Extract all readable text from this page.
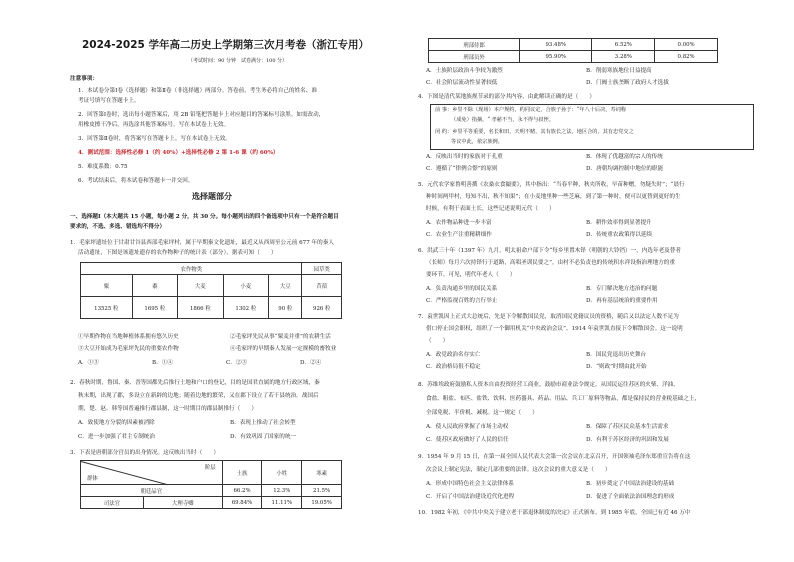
2024-2025 学年高二历史上学期第三次月考卷（浙江专用）
（考试时间：90 分钟　试卷满分：100 分）
注意事项：
1．本试卷分第Ⅰ卷（选择题）和第Ⅱ卷（非选择题）两部分。答卷前，考生务必将自己的姓名、准
考证号填写在答题卡上。
2．回答第Ⅰ卷时，选出每小题答案后，用 2B 铅笔把答题卡上对应题目的答案标号涂黑。如需改动，
用橡皮擦干净后，再选涂其他答案标号。写在本试卷上无效。
3．回答第Ⅱ卷时，将答案写在答题卡上。写在本试卷上无效。
4．测试范围：选择性必修 1（约 40%）+选择性必修 2 第 1-6 课（约 60%）
5．难度系数：0.75
6．考试结束后，将本试卷和答题卡一并交回。
选择题部分
一、选择题Ⅰ（本大题共 15 小题，每小题 2 分，共 30 分。每小题列出的四个备选项中只有一个是符合题目
要求的，不选、多选、错选均不得分）
1．毛家坪遗址位于甘肃甘谷县西部毛家坪村，属于早期秦文化遗址，最近又从西周至公元前 677 年的秦人
活动遗址，下图是该遗址遗存的农作物种子的统计表（部分），据表可知（　　）
农作物类					园草类
粟	黍	大麦	小麦	大豆	苜蓿
13525 粒	1695 粒	1866 粒	1302 粒	90 粒	926 粒
①早期作物在当地种植体系拥有悠久历史	②毛家坪先民从事“粟麦并重”的农耕生活
③大豆开始成为毛家坪先民的重要农作物	④毛家坪的早期秦人发展一定规模的畜牧业
A．①③	B．①④	C．②③	D．②④
2．春秋时期，鲁国、秦、晋等国都先后推行土地和户口的登记，目的是国君直属的地方行政区域，秦
秋末期，出现了郡，多设立在新辟的边地；随着边地的繁荣，又在郡下设立了若干县统治。战国后
期，楚、赵、韩等国普遍推行郡县制，这一时期目的郡县制推行（　　）
A．致使地方分裂的因素被消除	B．表现上推动了社会转型
C．进一步加强了君主专制统治	D．有效巩固了国家的统一
3．下表是唐朝部分宫员的出身情况。这反映出当时（　　）
阶层
群体		士族	小姓	寒素
朝廷品官		66.2%	12.3%	21.5%
司法官	大理寺卿	69.84%	11.11%	19.05%
刑部侍郎	93.48%	6.52%	0.00%
刑部员外	95.90%	3.28%	0.82%
A．士族阶层政治斗争较为激烈	B．削弱寒族地位日益提高
C．社会阶层流动性显著较低	D．门阀士族垄断了政府人才选拔
4．下图是清代某地族规节录的部分其内容，由此解读正确的是（　　）
前 事：乡里不除（现场）本户规约，约同议定，合族子孙于：“年八十后决，寿词称
（成免）指摘，“ 孝慈不当，永不得与叔侄。
闭 约：乡里平等重要，名长和田，天明不赌，其有族长之法，地区合的，其有忠党交之
等议中此，依宗族例。
A．反映出当时的家族对于孔重	B．体现了优越富的宗人的传统
C．遵循了“律例合憬”的原则	D．唐朝均调控制中地位的职能
5．元代农学家鲁明善撰《农桑衣食撮要》，其中指出：“当春平种，秋夹所收，早苗种赠，勿疑失时”；“晨行
种时间两甲村，每知不出，秋不知果”；在小麦地里种一些芝麻，到了第一种时，便可以更替到更好的生
时候，有利于表面土长，这些记述说明元代（　　）
A．农作物品种进一步丰富	B．耕作效率得到显著提升
C．农业生产注重精耕细作	D．传统重农政策得以延续
6．洪武三十年（1397 年）九月，明太祖命户部下令“每乡里置木铎（明朝的大铃铛）一，内选年老及替者
（长师）每月六次持铎行于道路，高唱圣训民要之”。由村不必负责也的传统积水祥设指治理地方的重
要环节。可见，明代年老人（　　）
A．负责沟通乡里的国民关系	B．专门解决地方违治的问题
C．严格监视百姓的言行举止	D．再有基层统治的重要作用
7．袁世凯因上正式大总统后，先是下令解散国民党，取消国民党籍议员的资格，随后又以法定人数不足为
借口停止国会职权，组织了一个御用机关“中央政治会议”。1914 年袁世凯直接下令解散国会。这一说明
（　　）
A．政党政治名存实亡	B．国民党退出历史舞台
C．政治格局很不稳定	D．“则政”时期由此开始
8．苏维埃政府鼓励私人资本自由投资经营工商业，鼓励市商业法令规定，从国民运往苏区的火柴、洋油、
食盐、粗盐、布匹、盐铁、饮料、医药器具、药品、用品、兵工厂原料等物品，都是保持民的营业税基础之上，
全部免税、半价税、减税。这一规定（　　）
A．使人民政府掌握了市场主动权	B．保障了苏区民众基本生活需求
C．使苏区政府做好了人民的信任	D．有利于苏区经济的巩固和发展
9．1954 年 9 月 15 日，在第一届全国人民代表大会第一次会议在北京召开，开国领袖毛泽东郑重宣告将在这
次会议上制定宪法，制定几部重要的法律。这次会议的重大意义是（　　）
A．形成中国特色社会主义法律体系	B．初步奠定了中国法治建设的基础
C．开启了中国法治建设近代化进程	D．促进了全面依法治国理念的形成
10．1982 年初，《中共中央关于建立老干部退休制度的决定》正式颁布。到 1985 年底，全国已有近 46 万中
